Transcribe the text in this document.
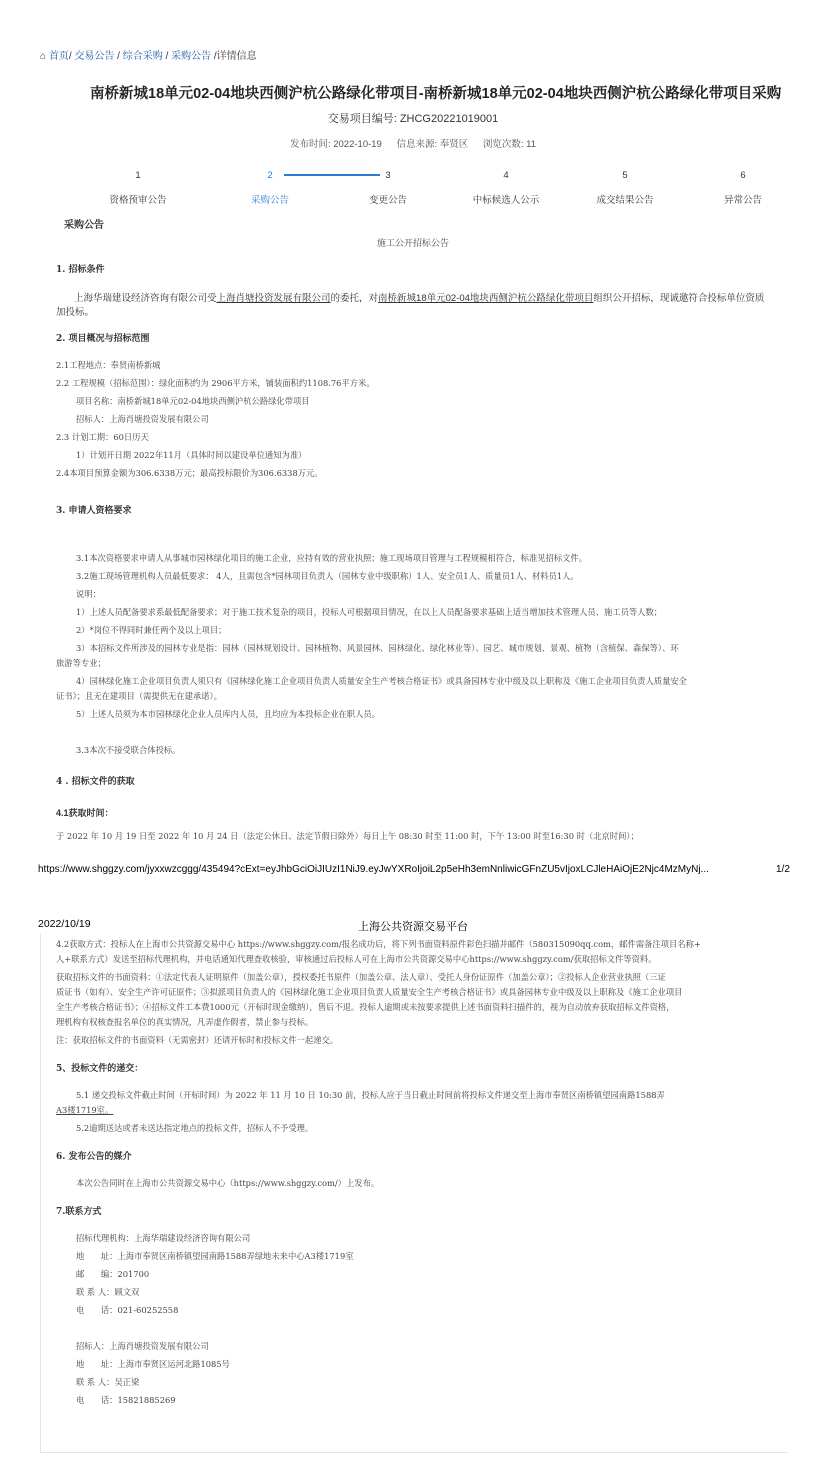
⌂ 首页/ 交易公告 / 综合采购 / 采购公告 /详情信息
南桥新城18单元02-04地块西侧沪杭公路绿化带项目-南桥新城18单元02-04地块西侧沪杭公路绿化带项目采购
交易项目编号: ZHCG20221019001
发布时间: 2022-10-19 信息来源: 奉贤区 浏览次数: 11
1	2	3	4	5	6
资格预审公告	采购公告	变更公告	中标候选人公示	成交结果公告	异常公告
采购公告
施工公开招标公告
1. 招标条件
上海华瑞建设经济咨询有限公司受上海肖塘投资发展有限公司的委托，对南桥新城18单元02-04地块西侧沪杭公路绿化带项目组织公开招标，现诚邀符合投标单位资质
加投标。
2. 项目概况与招标范围
2.1工程地点：奉贤南桥新城
2.2 工程规模（招标范围）：绿化面积约为 2906平方米，铺装面积约1108.76平方米。
项目名称：南桥新城18单元02-04地块西侧沪杭公路绿化带项目
招标人：上海肖塘投资发展有限公司
2.3 计划工期：60日历天
1）计划开日期 2022年11月（具体时间以建设单位通知为准）
2.4本项目预算金额为306.6338万元；最高投标限价为306.6338万元。
3. 申请人资格要求
3.1本次资格要求申请人从事城市园林绿化项目的施工企业，应持有效的营业执照；施工现场项目管理与工程规模相符合，标准见招标文件。
3.2施工现场管理机构人员最低要求： 4人，且需包含*园林项目负责人（园林专业中级职称）1人、安全员1人、质量员1人、材料员1人。
说明：
1）上述人员配备要求系最低配备要求；对于施工技术复杂的项目，投标人可根据项目情况，在以上人员配备要求基础上适当增加技术管理人员、施工员等人数；
2）*岗位不得同时兼任两个及以上项目；
3）本招标文件所涉及的园林专业是指：园林（园林规划设计、园林植物、风景园林、园林绿化、绿化林业等）、园艺、城市规划、景观、植物（含植保、森保等）、环
旅游等专业；
4）园林绿化施工企业项目负责人须只有《园林绿化施工企业项目负责人质量安全生产考核合格证书》或具备园林专业中级及以上职称及《施工企业项目负责人质量安全
证书》；且无在建项目（需提供无在建承诺）。
5）上述人员须为本市园林绿化企业人员库内人员，且均应为本投标企业在职人员。
3.3本次不接受联合体投标。
4 . 招标文件的获取
4.1获取时间：
于 2022 年 10 月 19 日至 2022 年 10 月 24 日（法定公休日、法定节假日除外）每日上午 08:30 时至 11:00 时，下午 13:00 时至16:30 时（北京时间）；
https://www.shggzy.com/jyxxwzcggg/435494?cExt=eyJhbGciOiJIUzI1NiJ9.eyJwYXRoIjoiL2p5eHh3emNnliwicGFnZU5vIjoxLCJleHAiOjE2Njc4MzMyNj...	1/2
2022/10/19	上海公共资源交易平台
4.2获取方式：投标人在上海市公共资源交易中心 https://www.shggzy.com/报名成功后，将下列书面资料原件彩色扫描并邮件（580315090qq.com，邮件需备注项目名称+
人+联系方式）发送至招标代理机构，并电话通知代理查收核验，审核通过后投标人可在上海市公共资源交易中心https://www.shggzy.com/获取招标文件等资料。
获取招标文件的书面资料：①法定代表人证明原件（加盖公章），授权委托书原件（加盖公章、法人章）、受托人身份证原件（加盖公章）；②投标人企业营业执照（三证
质证书（如有）、安全生产许可证原件；③拟派项目负责人的《园林绿化施工企业项目负责人质量安全生产考核合格证书》或具备园林专业中级及以上职称及《施工企业项目
全生产考核合格证书》；④招标文件工本费1000元（开标时现金缴纳），售后不退。投标人逾期或未按要求提供上述书面资料扫描件的，视为自动放弃获取招标文件资格，
理机构有权核查报名单位的真实情况，凡弄虚作假者，禁止参与投标。
注：获取招标文件的书面资料（无需密封）还请开标时和投标文件一起递交。
5、投标文件的递交：
5.1 递交投标文件截止时间（开标时间）为 2022 年 11 月 10 日 10:30 前，投标人应于当日截止时间前将投标文件递交至上海市奉贤区南桥镇望园南路1588弄
A3楼1719室。
5.2逾期送达或者未送达指定地点的投标文件，招标人不予受理。
6. 发布公告的媒介
本次公告同时在上海市公共资源交易中心（https://www.shggzy.com/）上发布。
7.联系方式
招标代理机构：上海华瑞建设经济咨询有限公司
地　　址：上海市奉贤区南桥镇望园南路1588弄绿地未来中心A3楼1719室
邮　　编：201700
联 系 人：顾文双
电　　话：021-60252558
招标人：上海肖塘投资发展有限公司
地　　址：上海市奉贤区运河北路1085号
联 系 人：吴正梁
电　　话：15821885269
